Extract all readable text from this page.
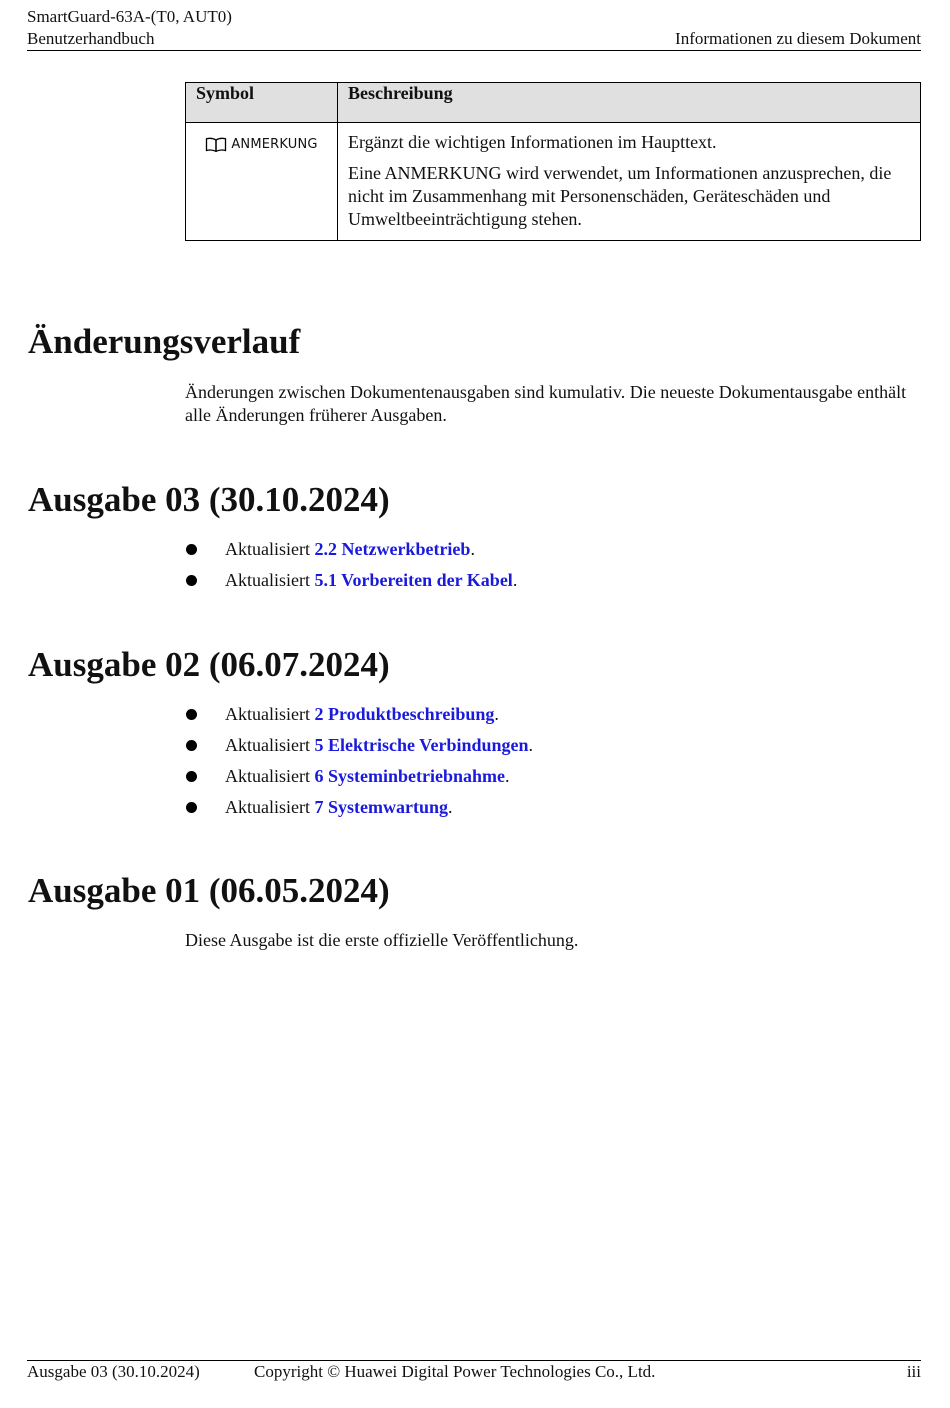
SmartGuard-63A-(T0, AUT0)
Benutzerhandbuch	Informationen zu diesem Dokument
Symbol	Beschreibung

ANMERKUNG	Ergänzt die wichtigen Informationen im Haupttext.

Eine ANMERKUNG wird verwendet, um Informationen anzusprechen, die nicht im Zusammenhang mit Personenschäden, Geräteschäden und Umweltbeeinträchtigung stehen.

Änderungsverlauf

Änderungen zwischen Dokumentenausgaben sind kumulativ. Die neueste Dokumentausgabe enthält alle Änderungen früherer Ausgaben.

Ausgabe 03 (30.10.2024)
Aktualisiert 2.2 Netzwerkbetrieb.
Aktualisiert 5.1 Vorbereiten der Kabel.
Ausgabe 02 (06.07.2024)
Aktualisiert 2 Produktbeschreibung.
Aktualisiert 5 Elektrische Verbindungen.
Aktualisiert 6 Systeminbetriebnahme.
Aktualisiert 7 Systemwartung.
Ausgabe 01 (06.05.2024)

Diese Ausgabe ist die erste offizielle Veröffentlichung.

Ausgabe 03 (30.10.2024)	Copyright © Huawei Digital Power Technologies Co., Ltd.	iii
